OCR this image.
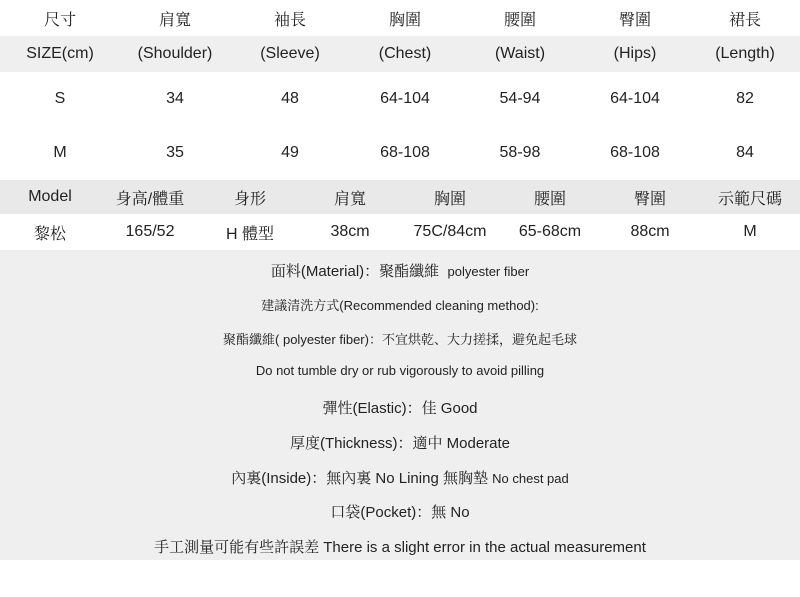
尺寸	肩寬	袖長	胸圍	腰圍	臀圍	裙長
SIZE(cm)	(Shoulder)	(Sleeve)	(Chest)	(Waist)	(Hips)	(Length)
S	34	48	64-104	54-94	64-104	82
M	35	49	68-108	58-98	68-108	84
Model	身高/體重	身形	肩寬	胸圍	腰圍	臀圍	示範尺碼
黎松	165/52	H 體型	38cm	75C/84cm	65-68cm	88cm	M
面料(Material)：聚酯纖維 polyester fiber
建議清洗方式(Recommended cleaning method):
聚酯纖維( polyester fiber)：不宜烘乾、大力搓揉，避免起毛球
Do not tumble dry or rub vigorously to avoid pilling
彈性(Elastic)：佳 Good
厚度(Thickness)：適中 Moderate
內裏(Inside)：無內裏 No Lining 無胸墊 No chest pad
口袋(Pocket)：無 No
手工測量可能有些許誤差 There is a slight error in the actual measurement
